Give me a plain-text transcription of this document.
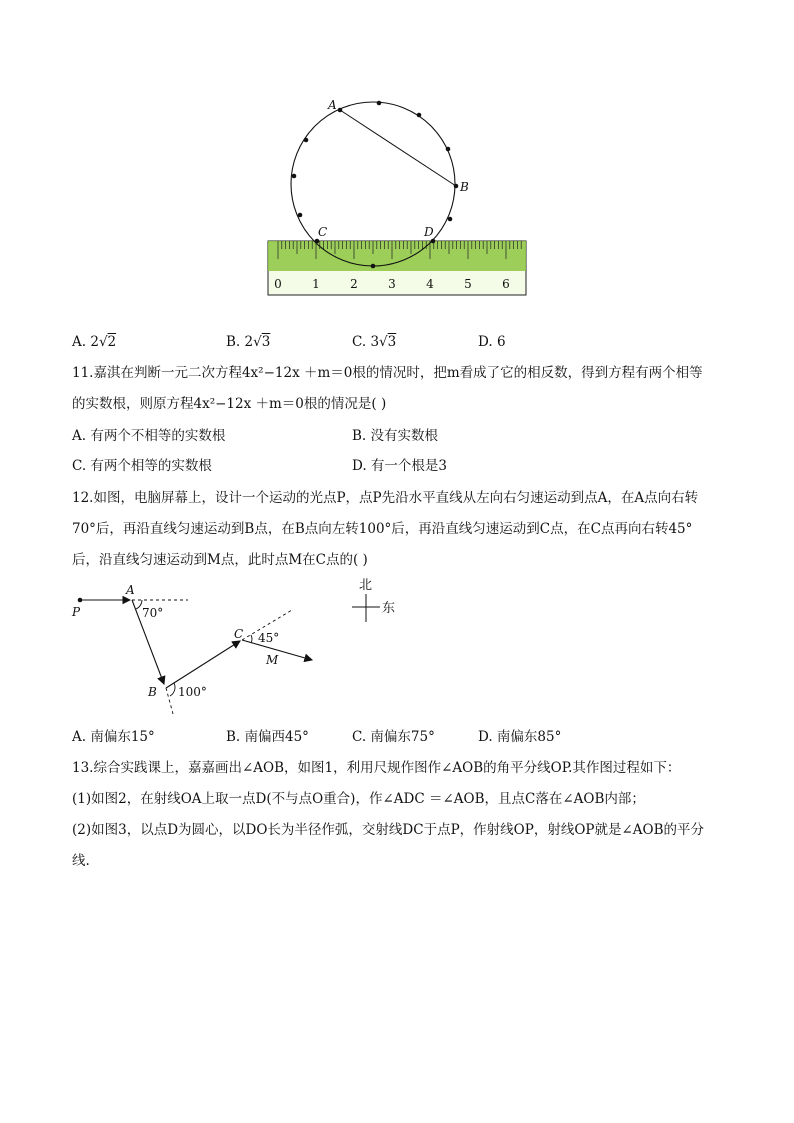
0	1	2	3	4	5	6
A
B
C	D
A. 2√2	B. 2√3	C. 3√3	D. 6
11.嘉淇在判断一元二次方程4x²−12x ＋m＝0根的情况时，把m看成了它的相反数，得到方程有两个相等
的实数根，则原方程4x²−12x ＋m＝0根的情况是( )
A. 有两个不相等的实数根	B. 没有实数根
C. 有两个相等的实数根	D. 有一个根是3
12.如图，电脑屏幕上，设计一个运动的光点P，点P先沿水平直线从左向右匀速运动到点A，在A点向右转
70°后，再沿直线匀速运动到B点，在B点向左转100°后，再沿直线匀速运动到C点，在C点再向右转45°
后，沿直线匀速运动到M点，此时点M在C点的( )
P
A
B
C
M
70°
100°
45°
北
东
A. 南偏东15°	B. 南偏西45°	C. 南偏东75°	D. 南偏东85°
13.综合实践课上，嘉嘉画出∠AOB，如图1，利用尺规作图作∠AOB的角平分线OP.其作图过程如下：
(1)如图2，在射线OA上取一点D(不与点O重合)，作∠ADC ＝∠AOB，且点C落在∠AOB内部；
(2)如图3，以点D为圆心，以DO长为半径作弧，交射线DC于点P，作射线OP，射线OP就是∠AOB的平分
线.
